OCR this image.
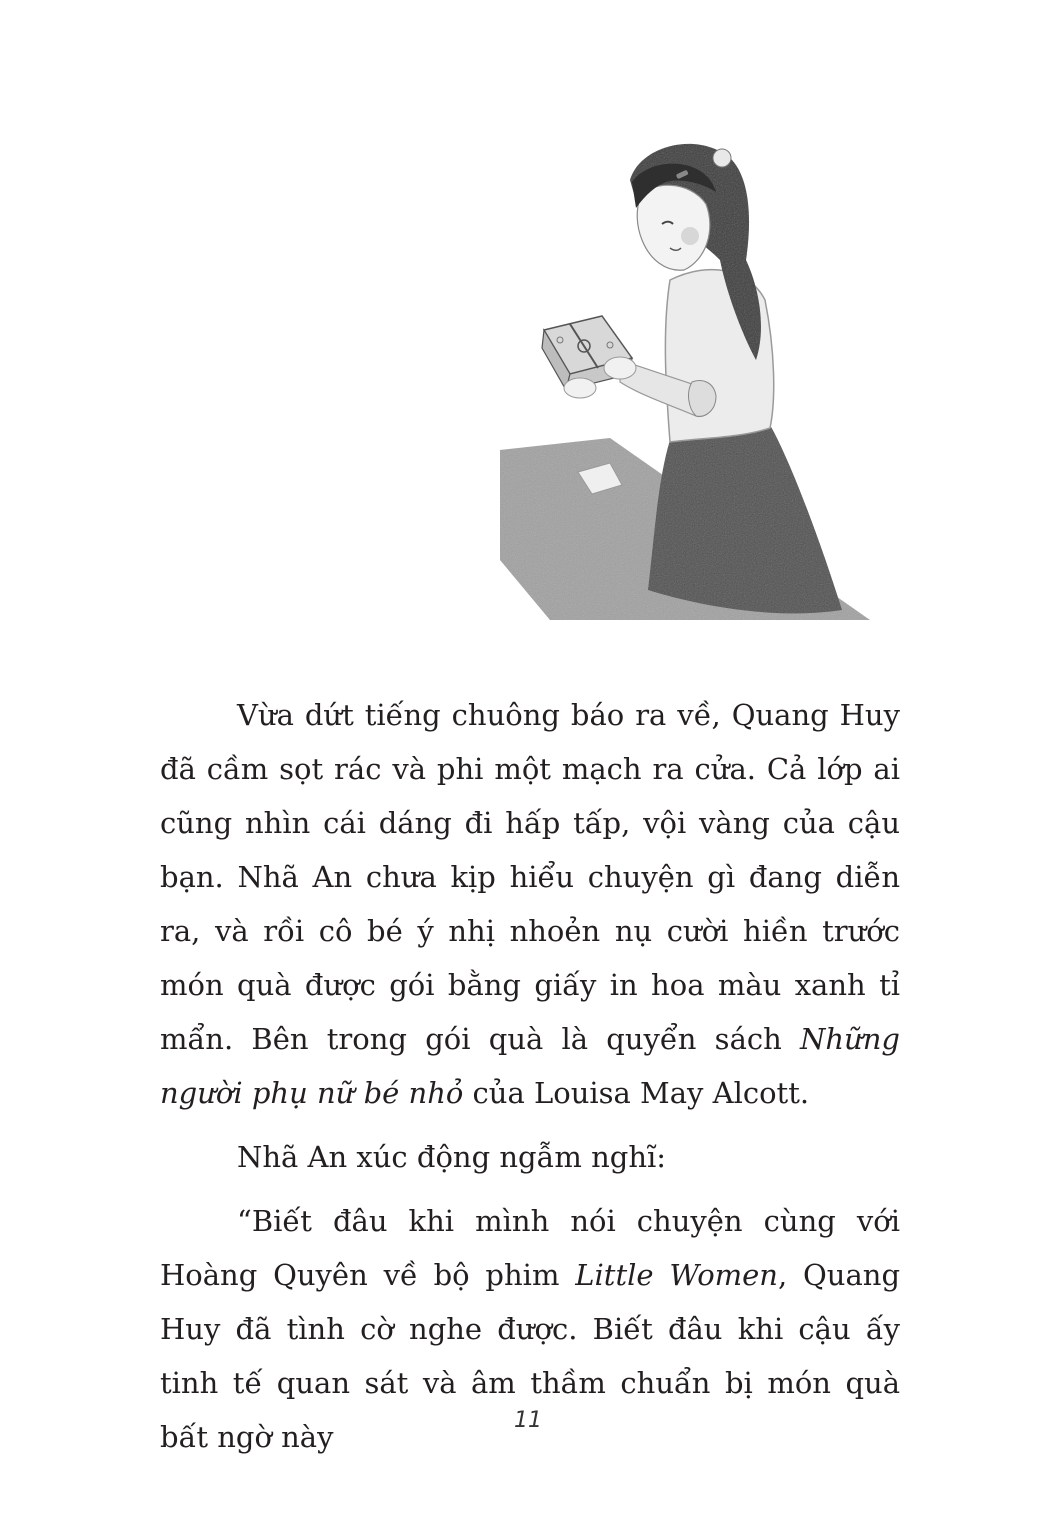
Vừa dứt tiếng chuông báo ra về, Quang Huy đã cầm sọt rác và phi một mạch ra cửa. Cả lớp ai cũng nhìn cái dáng đi hấp tấp, vội vàng của cậu bạn. Nhã An chưa kịp hiểu chuyện gì đang diễn ra, và rồi cô bé ý nhị nhoẻn nụ cười hiền trước món quà được gói bằng giấy in hoa màu xanh tỉ mẩn. Bên trong gói quà là quyển sách Những người phụ nữ bé nhỏ của Louisa May Alcott.

Nhã An xúc động ngẫm nghĩ:

“Biết đâu khi mình nói chuyện cùng với Hoàng Quyên về bộ phim Little Women, Quang Huy đã tình cờ nghe được. Biết đâu khi cậu ấy tinh tế quan sát và âm thầm chuẩn bị món quà bất ngờ này	11
